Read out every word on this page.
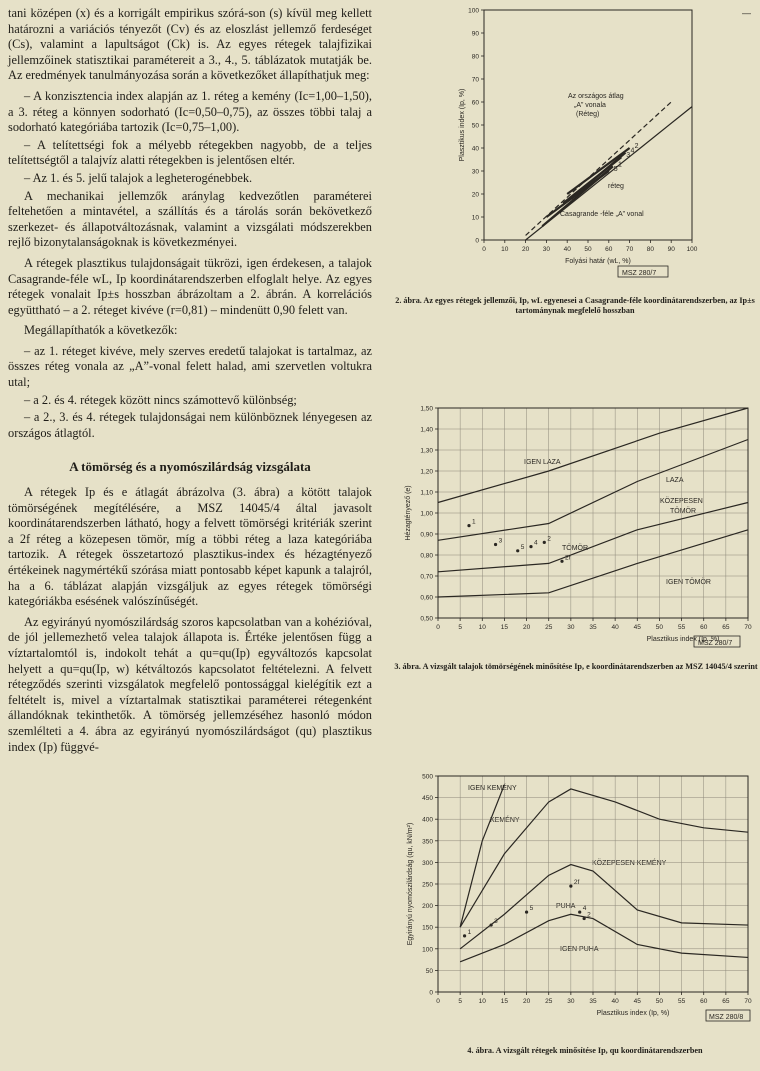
tani középen (x) és a korrigált empirikus szórá-son (s) kívül meg kellett határozni a variációs tényezőt (Cv) és az eloszlást jellemző ferdeséget (Cs), valamint a lapultságot (Ck) is. Az egyes rétegek talajfizikai jellemzőinek statisztikai paramétereit a 3., 4., 5. táblázatok mutatják be. Az eredmények tanulmányozása során a következőket állapíthatjuk meg:

– A konzisztencia index alapján az 1. réteg a kemény (Ic=1,00–1,50), a 3. réteg a könnyen sodorható (Ic=0,50–0,75), az összes többi talaj a sodorható kategóriába tartozik (Ic=0,75–1,00).

– A telítettségi fok a mélyebb rétegekben nagyobb, de a teljes telítettségtől a talajvíz alatti rétegekben is jelentősen eltér.

– Az 1. és 5. jelű talajok a legheterogénebbek.

A mechanikai jellemzők aránylag kedvezőtlen paraméterei feltehetően a mintavétel, a szállítás és a tárolás során bekövetkező szerkezet- és állapotváltozásnak, valamint a vizsgálati módszerekben rejlő bizonytalanságoknak is következményei.

A rétegek plasztikus tulajdonságait tükrözi, igen érdekesen, a talajok Casagrande-féle wL, Ip koordinátarendszerben elfoglalt helye. Az egyes rétegek vonalait Ip±s hosszban ábrázoltam a 2. ábrán. A korrelációs együttható – a 2. réteget kivéve (r=0,81) – mindenütt 0,90 felett van.

Megállapíthatók a következők:

– az 1. réteget kivéve, mely szerves eredetű talajokat is tartalmaz, az összes réteg vonala az „A”-vonal felett halad, ami szervetlen voltukra utal;

– a 2. és 4. rétegek között nincs számottevő különbség;

– a 2., 3. és 4. rétegek tulajdonságai nem különböznek lényegesen az országos átlagtól.

A tömörség és a nyomószilárdság vizsgálata

A rétegek Ip és e átlagát ábrázolva (3. ábra) a kötött talajok tömörségének megítélésére, a MSZ 14045/4 által javasolt koordinátarendszerben látható, hogy a felvett tömörségi kritériák szerint a 2f réteg a közepesen tömör, míg a többi réteg a laza kategóriába tartozik. A rétegek összetartozó plasztikus-index és hézagtényező értékeinek nagymértékű szórása miatt pontosabb képet kapunk a talajról, ha a 6. táblázat alapján vizsgáljuk az egyes rétegek tömörségi kategóriákba esésének valószínűségét.

Az egyirányú nyomószilárdság szoros kapcsolatban van a kohézióval, de jól jellemezhető velea talajok állapota is. Értéke jelentősen függ a víztartalomtól is, indokolt tehát a qu=qu(Ip) egyváltozós kapcsolat helyett a qu=qu(Ip, w) kétváltozós kapcsolatot feltételezni. A felvett rétegződés szerinti vizsgálatok megfelelő pontossággal kielégítik ezt a feltételt is, mivel a víztartalmak statisztikai paraméterei rétegenként állandóknak tekinthetők. A tömörség jellemzéséhez hasonló módon szemlélteti a 4. ábra az egyirányú nyomószilárdságot (qu) plasztikus index (Ip) függvé-

—
Az országos átlag
„A” vonala
(Réteg)
Casagrande -féle „A” vonal
réteg
MSZ 280/7
0 10 20 30 40 50 60 70 80 90 100
0
10
20
30
40
50
60
70
80
90
100
Folyási határ (wL, %)
Plasztikus index (Ip, %)
1
2
3
4
5
2. ábra. Az egyes rétegek jellemzői, Ip, wL egyenesei a Casagrande-féle koordinátarendszerben, az Ip±s tartománynak megfelelő hosszban
IGEN LAZA
LAZA
KÖZEPESEN
TÖMÖR
TÖMÖR
IGEN TÖMÖR
MSZ 280/7
0	5	10 15 20 25 30 35 40 45 50 55 60 65 70
0,50
0,60
0,70
0,80
0,90
1,00
1,10
1,20
1,30
1,40
1,50
Plasztikus index (Ip, %)
Hézagtényező (e)	1
3
5
4
2
2f
3. ábra. A vizsgált talajok tömörségének minősítése Ip, e koordinátarendszerben az MSZ 14045/4 szerint
IGEN KEMÉNY
KEMÉNY
KÖZEPESEN KEMÉNY
PUHA
IGEN PUHA
MSZ 280/8
0	5	10 15 20 25 30 35 40 45 50 55 60 65 70
0
50
100
150
200
250
300
350
400
450
500
Plasztikus index (Ip, %)
Egyirányú nyomószilárdság (qu, kN/m²)	1
3
5
2f
4
2
4. ábra. A vizsgált rétegek minősítése Ip, qu koordinátarendszerben
